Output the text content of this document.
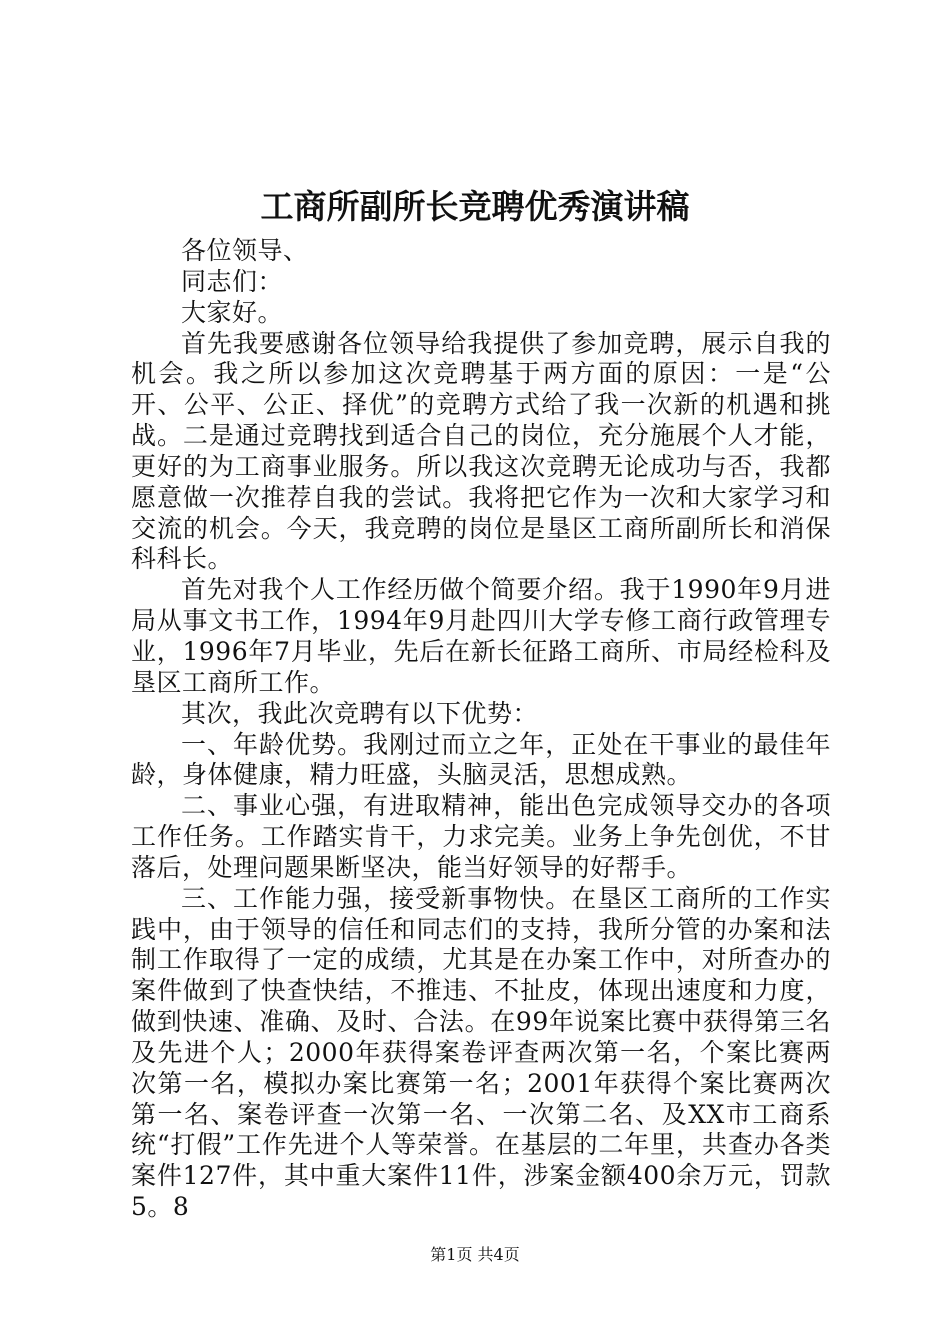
工商所副所长竞聘优秀演讲稿

各位领导、

同志们：

大家好。

首先我要感谢各位领导给我提供了参加竞聘，展示自我的机会。我之所以参加这次竞聘基于两方面的原因：一是“公开、公平、公正、择优”的竞聘方式给了我一次新的机遇和挑战。二是通过竞聘找到适合自己的岗位，充分施展个人才能，更好的为工商事业服务。所以我这次竞聘无论成功与否，我都愿意做一次推荐自我的尝试。我将把它作为一次和大家学习和交流的机会。今天，我竞聘的岗位是垦区工商所副所长和消保科科长。

首先对我个人工作经历做个简要介绍。我于1990年9月进局从事文书工作，1994年9月赴四川大学专修工商行政管理专业，1996年7月毕业，先后在新长征路工商所、市局经检科及垦区工商所工作。

其次，我此次竞聘有以下优势：

一、年龄优势。我刚过而立之年，正处在干事业的最佳年龄，身体健康，精力旺盛，头脑灵活，思想成熟。

二、事业心强，有进取精神，能出色完成领导交办的各项工作任务。工作踏实肯干，力求完美。业务上争先创优，不甘落后，处理问题果断坚决，能当好领导的好帮手。

三、工作能力强，接受新事物快。在垦区工商所的工作实践中，由于领导的信任和同志们的支持，我所分管的办案和法制工作取得了一定的成绩，尤其是在办案工作中，对所查办的案件做到了快查快结，不推违、不扯皮，体现出速度和力度，做到快速、准确、及时、合法。在99年说案比赛中获得第三名及先进个人；2000年获得案卷评查两次第一名，个案比赛两次第一名，模拟办案比赛第一名；2001年获得个案比赛两次第一名、案卷评查一次第一名、一次第二名、及XX市工商系统“打假”工作先进个人等荣誉。在基层的二年里，共查办各类案件127件，其中重大案件11件，涉案金额400余万元，罚款5。8

第1页 共4页
